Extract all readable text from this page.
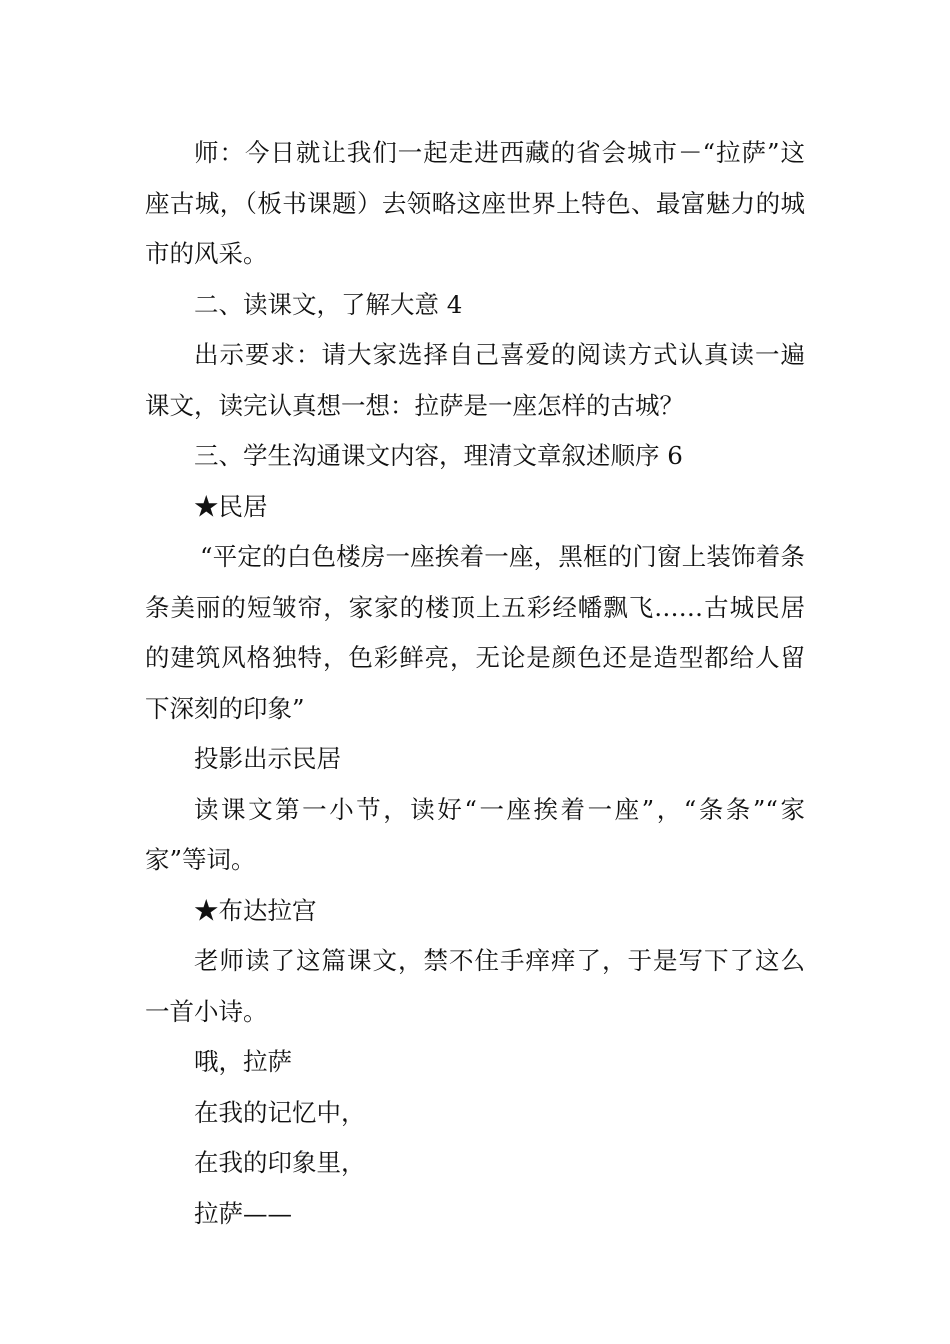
师：今日就让我们一起走进西藏的省会城市－“拉萨”这座古城，（板书课题）去领略这座世界上特色、最富魅力的城市的风采。

二、读课文，了解大意 4

出示要求：请大家选择自己喜爱的阅读方式认真读一遍课文，读完认真想一想：拉萨是一座怎样的古城？

三、学生沟通课文内容，理清文章叙述顺序 6

★民居

“平定的白色楼房一座挨着一座，黑框的门窗上装饰着条条美丽的短皱帘，家家的楼顶上五彩经幡飘飞……古城民居的建筑风格独特，色彩鲜亮，无论是颜色还是造型都给人留下深刻的印象”

投影出示民居

读课文第一小节，读好“一座挨着一座”，“条条”“家家”等词。

★布达拉宫

老师读了这篇课文，禁不住手痒痒了，于是写下了这么一首小诗。

哦，拉萨

在我的记忆中，

在我的印象里，

拉萨——
